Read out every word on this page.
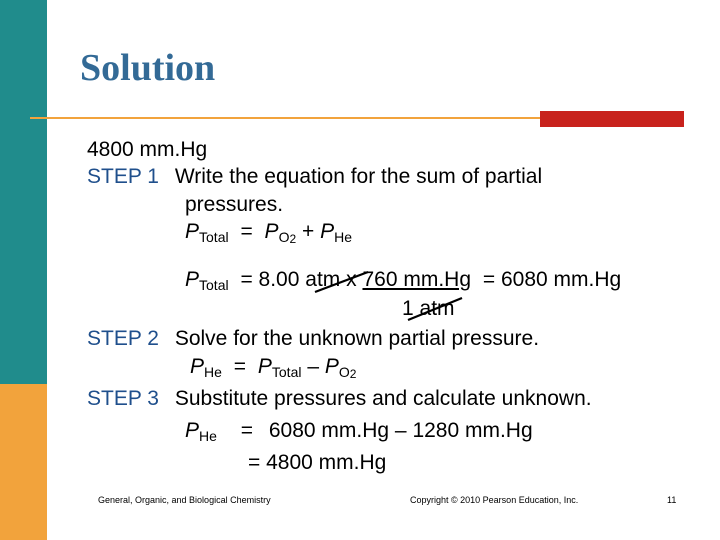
Solution
4800 mm.Hg
STEP 1 Write the equation for the sum of partial
pressures.
PTotal = $PO_2$ + PHe
PTotal = 8.00 atm x 760 mm.Hg = 6080 mm.Hg
1 atm
STEP 2 Solve for the unknown partial pressure.
PHe = PTotal – $PO_2$
STEP 3 Substitute pressures and calculate unknown.
PHe = 6080 mm.Hg – 1280 mm.Hg
= 4800 mm.Hg
General, Organic, and Biological Chemistry	Copyright © 2010 Pearson Education, Inc.	11
